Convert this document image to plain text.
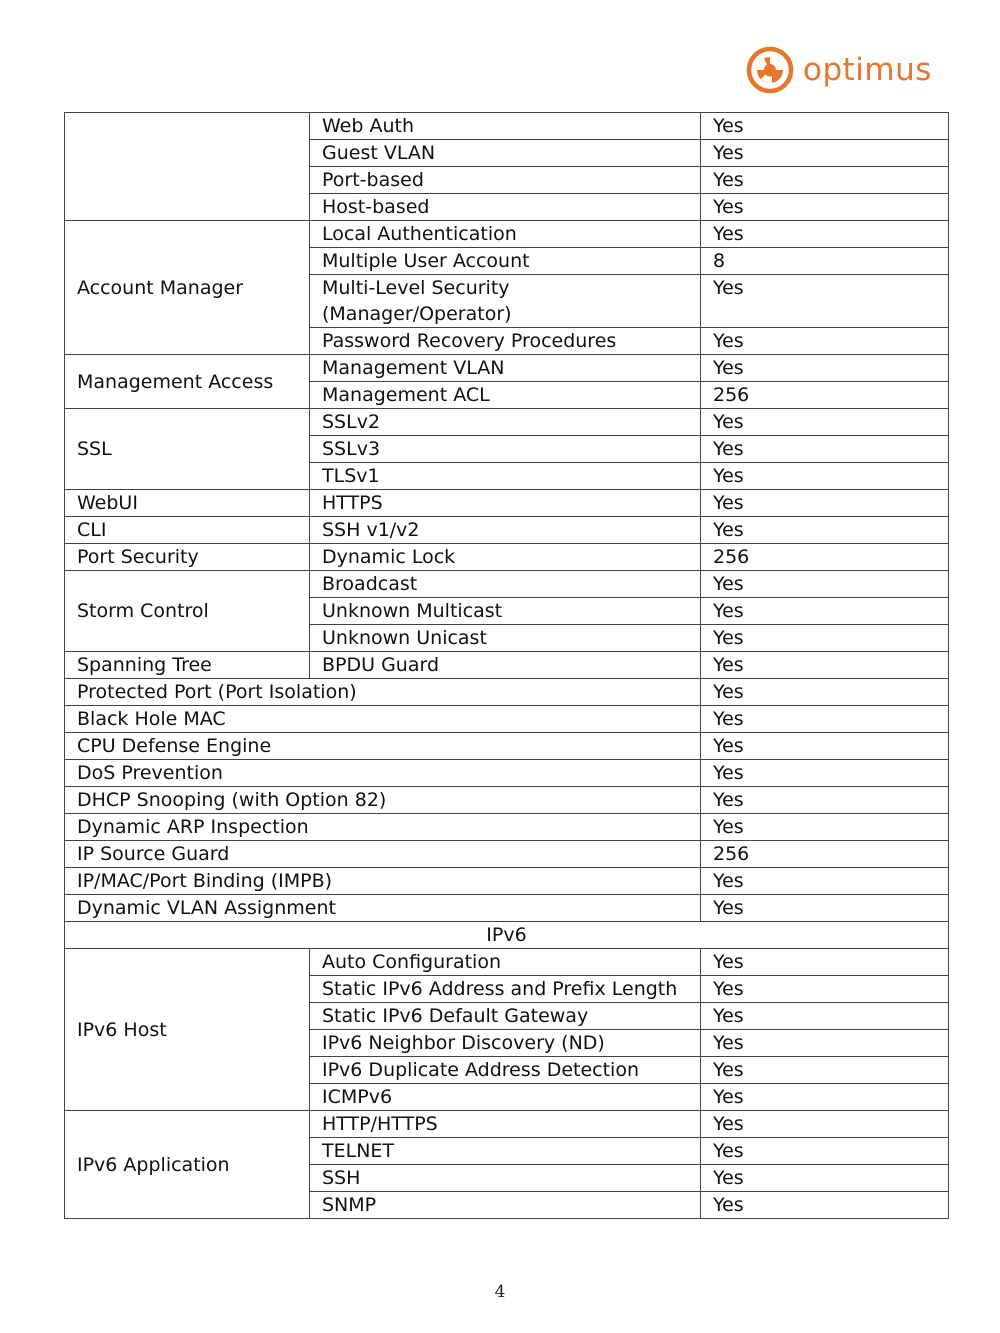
optimus
	Web Auth	Yes
	Guest VLAN	Yes
	Port-based	Yes
	Host-based	Yes
Account Manager	Local Authentication	Yes
	Multiple User Account	8
	Multi-Level Security (Manager/Operator)	Yes
	Password Recovery Procedures	Yes
Management Access	Management VLAN	Yes
	Management ACL	256
SSL	SSLv2	Yes
	SSLv3	Yes
	TLSv1	Yes
WebUI	HTTPS	Yes
CLI	SSH v1/v2	Yes
Port Security	Dynamic Lock	256
Storm Control	Broadcast	Yes
	Unknown Multicast	Yes
	Unknown Unicast	Yes
Spanning Tree	BPDU Guard	Yes
Protected Port (Port Isolation)		Yes
Black Hole MAC		Yes
CPU Defense Engine		Yes
DoS Prevention		Yes
DHCP Snooping (with Option 82)		Yes
Dynamic ARP Inspection		Yes
IP Source Guard		256
IP/MAC/Port Binding (IMPB)		Yes
Dynamic VLAN Assignment		Yes
IPv6		
IPv6 Host	Auto Configuration	Yes
	Static IPv6 Address and Prefix Length	Yes
	Static IPv6 Default Gateway	Yes
	IPv6 Neighbor Discovery (ND)	Yes
	IPv6 Duplicate Address Detection	Yes
	ICMPv6	Yes
IPv6 Application	HTTP/HTTPS	Yes
	TELNET	Yes
	SSH	Yes
	SNMP	Yes
4
